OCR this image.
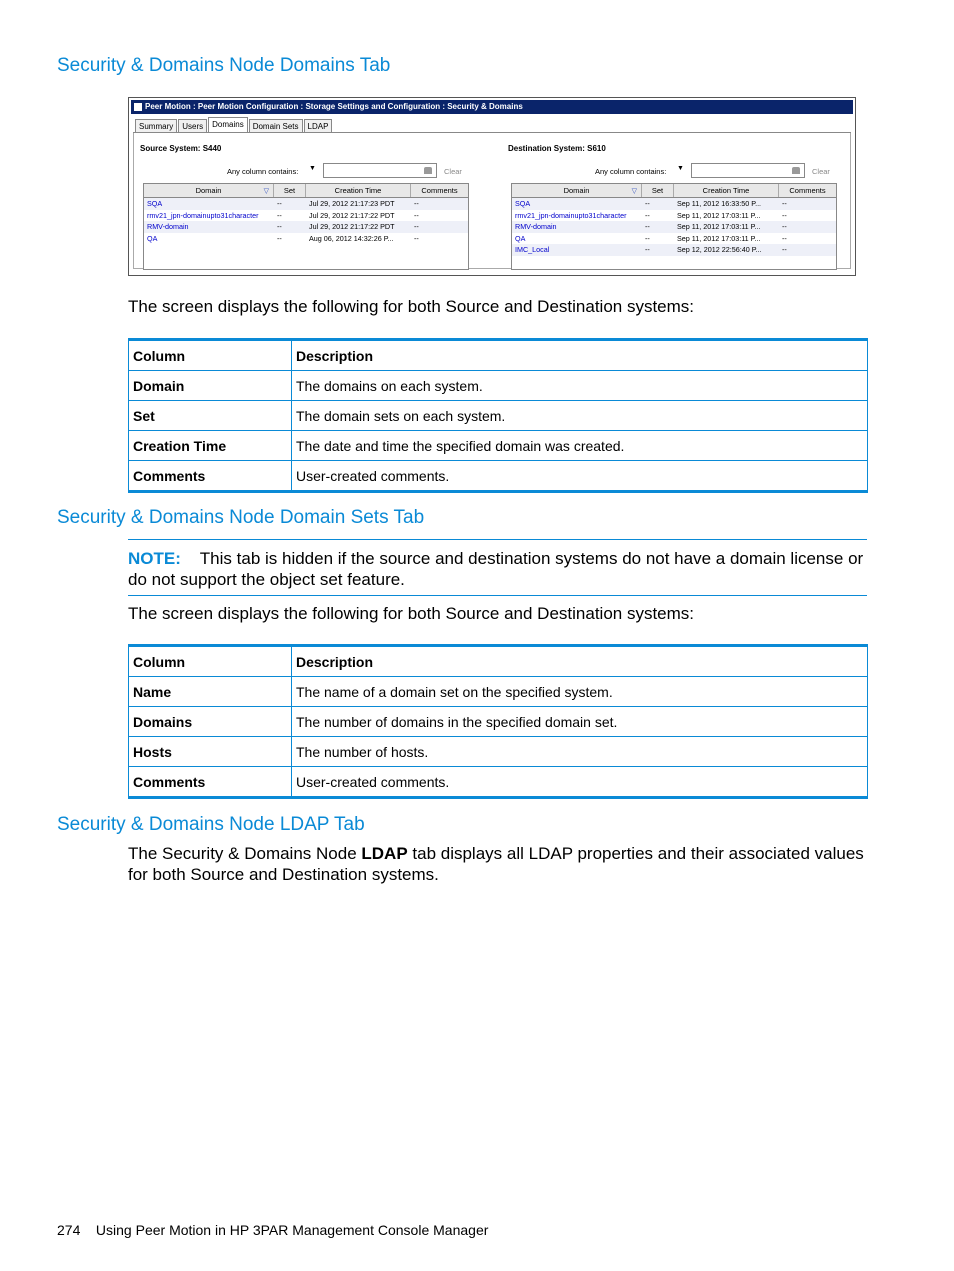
Security & Domains Node Domains Tab
Peer Motion : Peer Motion Configuration : Storage Settings and Configuration : Security & Domains
Summary	Users	Domains	Domain Sets	LDAP
Source System: S440
Any column contains: ▼	Clear
Domain	▽	Set	Creation Time	Comments
SQA	--	Jul 29, 2012 21:17:23 PDT	--
rmv21_jpn-domainupto31character	--	Jul 29, 2012 21:17:22 PDT	--
RMV-domain	--	Jul 29, 2012 21:17:22 PDT	--
QA	--	Aug 06, 2012 14:32:26 P...	--
Destination System: S610
Any column contains: ▼	Clear
Domain	▽	Set	Creation Time	Comments
SQA	--	Sep 11, 2012 16:33:50 P...	--
rmv21_jpn-domainupto31character	--	Sep 11, 2012 17:03:11 P...	--
RMV-domain	--	Sep 11, 2012 17:03:11 P...	--
QA	--	Sep 11, 2012 17:03:11 P...	--
IMC_Local	--	Sep 12, 2012 22:56:40 P...	--
The screen displays the following for both Source and Destination systems:
Column	Description
Domain	The domains on each system.
Set	The domain sets on each system.
Creation Time	The date and time the specified domain was created.
Comments	User-created comments.
Security & Domains Node Domain Sets Tab
NOTE: This tab is hidden if the source and destination systems do not have a domain license or do not support the object set feature.
The screen displays the following for both Source and Destination systems:
Column	Description
Name	The name of a domain set on the specified system.
Domains	The number of domains in the specified domain set.
Hosts	The number of hosts.
Comments	User-created comments.
Security & Domains Node LDAP Tab
The Security & Domains Node LDAP tab displays all LDAP properties and their associated values for both Source and Destination systems.
274 Using Peer Motion in HP 3PAR Management Console Manager
